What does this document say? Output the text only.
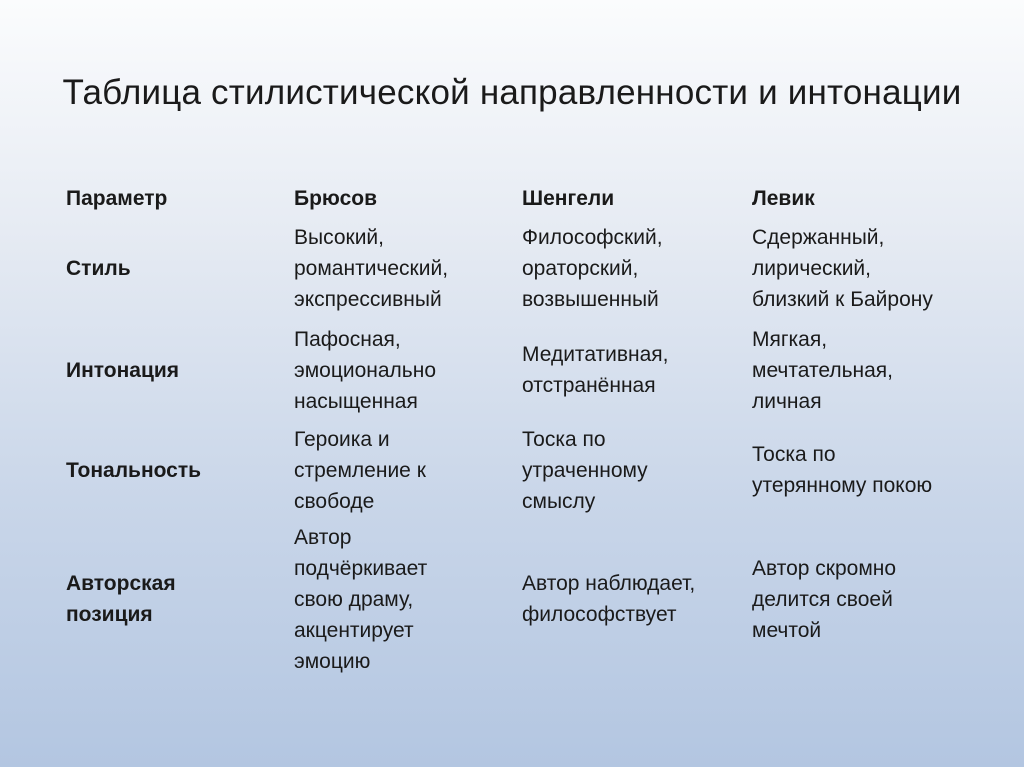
Таблица стилистической направленности и интонации
Параметр	Брюсов	Шенгели	Левик
Стиль	Высокий,
романтический,
экспрессивный	Философский,
ораторский,
возвышенный	Сдержанный,
лирический,
близкий к Байрону
Интонация	Пафосная,
эмоционально
насыщенная	Медитативная,
отстранённая	Мягкая,
мечтательная,
личная
Тональность	Героика и
стремление к
свободе	Тоска по
утраченному
смыслу	Тоска по
утерянному покою
Авторская
позиция	Автор
подчёркивает
свою драму,
акцентирует
эмоцию	Автор наблюдает,
философствует	Автор скромно
делится своей
мечтой
